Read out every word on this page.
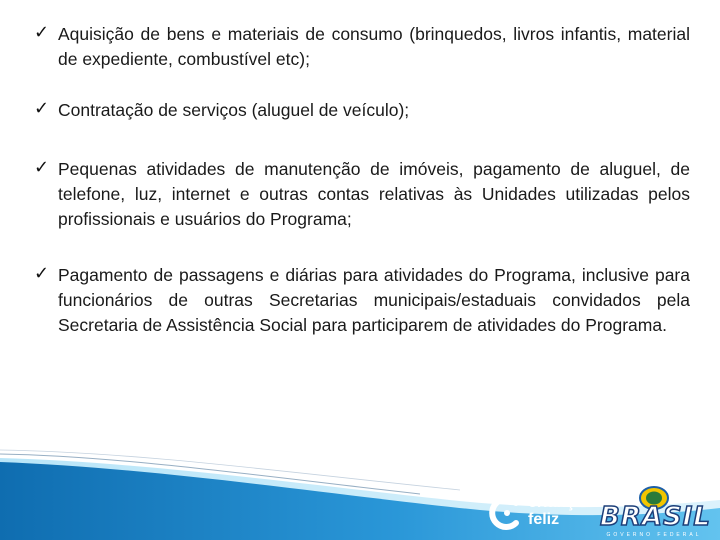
✓ Aquisição de bens e materiais de consumo (brinquedos, livros infantis, material de expediente, combustível etc);
✓ Contratação de serviços (aluguel de veículo);
✓ Pequenas atividades de manutenção de imóveis, pagamento de aluguel, de telefone, luz, internet e outras contas relativas às Unidades utilizadas pelos profissionais e usuários do Programa;
✓ Pagamento de passagens e diárias para atividades do Programa, inclusive para funcionários de outras Secretarias municipais/estaduais convidados pela Secretaria de Assistência Social para participarem de atividades do Programa.
criança
feliz	BRASIL
GOVERNO FEDERAL
